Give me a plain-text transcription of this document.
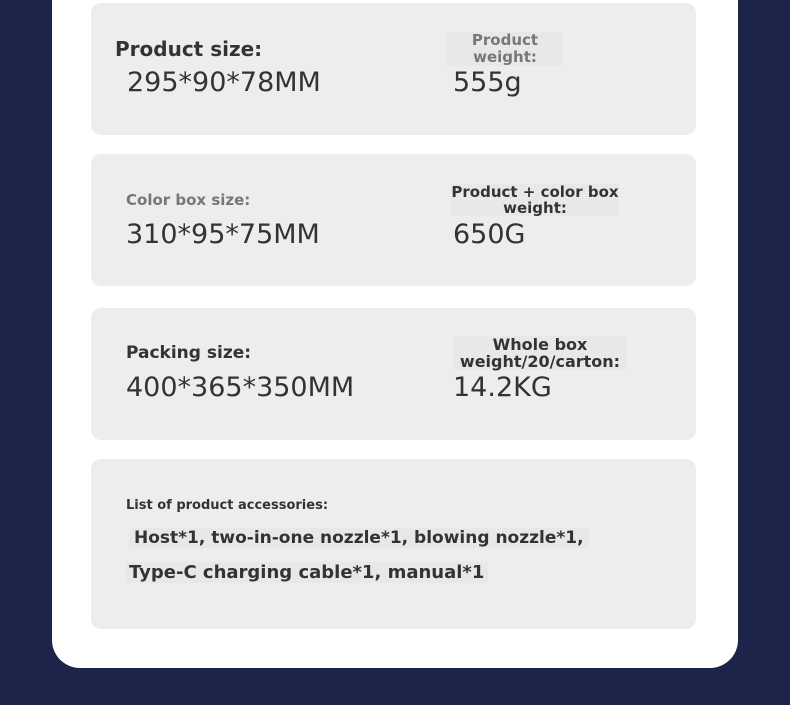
Product size:
295*90*78MM
Product weight:
555g
Color box size:
310*95*75MM
Product + color box weight:
650G
Packing size:
400*365*350MM
Whole box weight/20/carton:
14.2KG
List of product accessories:
Host*1, two-in-one nozzle*1, blowing nozzle*1,
Type-C charging cable*1, manual*1
